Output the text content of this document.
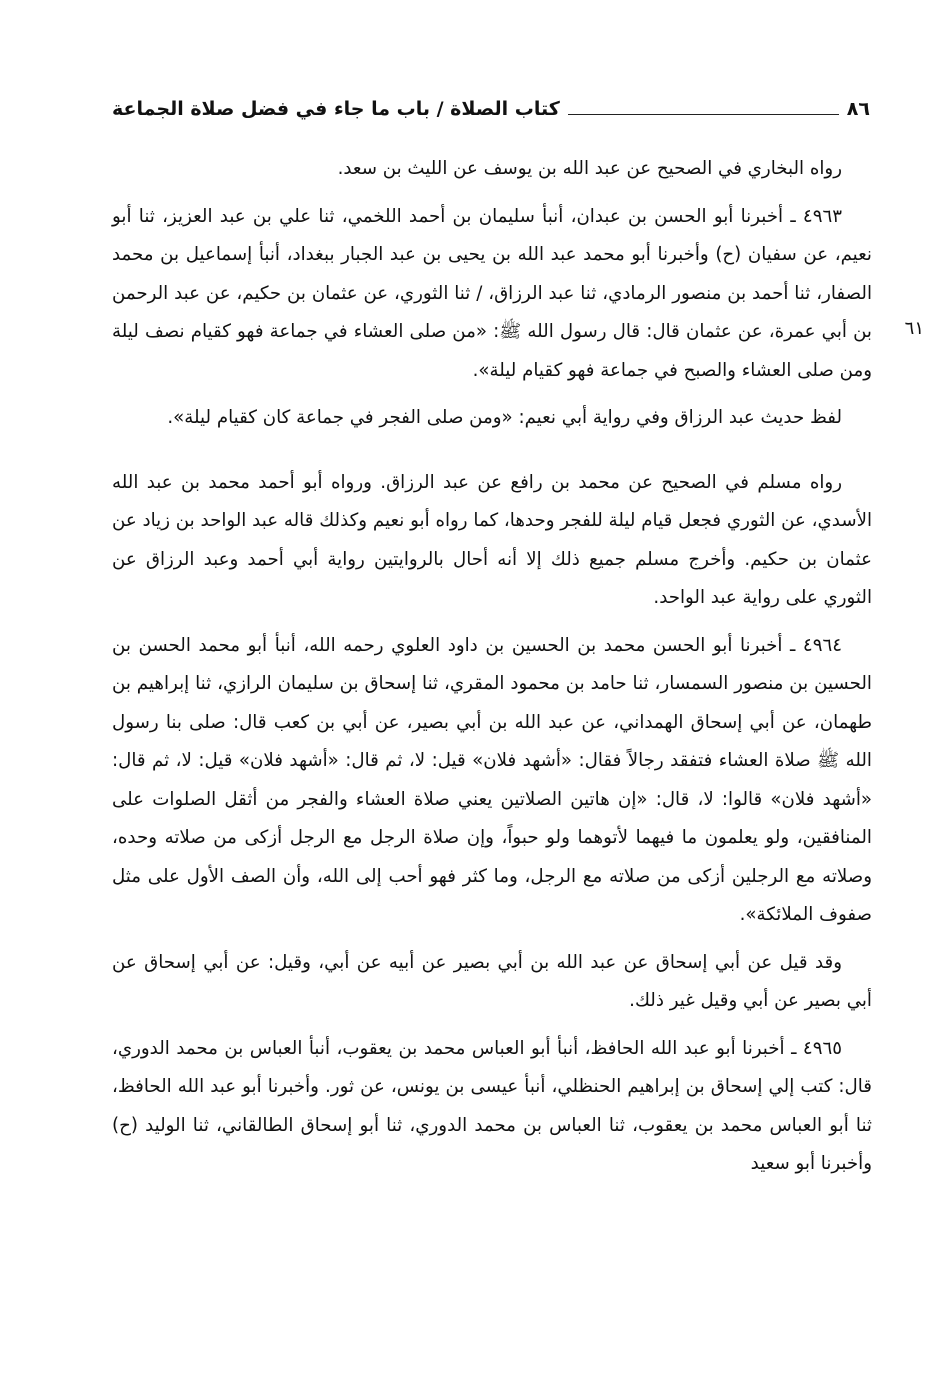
٨٦
كتاب الصلاة / باب ما جاء في فضل صلاة الجماعة
٦١

رواه البخاري في الصحيح عن عبد الله بن يوسف عن الليث بن سعد.

٤٩٦٣ ـ أخبرنا أبو الحسن بن عبدان، أنبأ سليمان بن أحمد اللخمي، ثنا علي بن عبد العزيز، ثنا أبو نعيم، عن سفيان (ح) وأخبرنا أبو محمد عبد الله بن يحيى بن عبد الجبار ببغداد، أنبأ إسماعيل بن محمد الصفار، ثنا أحمد بن منصور الرمادي، ثنا عبد الرزاق، / ثنا الثوري، عن عثمان بن حكيم، عن عبد الرحمن بن أبي عمرة، عن عثمان قال: قال رسول الله ﷺ: «من صلى العشاء في جماعة فهو كقيام نصف ليلة ومن صلى العشاء والصبح في جماعة فهو كقيام ليلة».

لفظ حديث عبد الرزاق وفي رواية أبي نعيم: «ومن صلى الفجر في جماعة كان كقيام ليلة».

رواه مسلم في الصحيح عن محمد بن رافع عن عبد الرزاق. ورواه أبو أحمد محمد بن عبد الله الأسدي، عن الثوري فجعل قيام ليلة للفجر وحدها، كما رواه أبو نعيم وكذلك قاله عبد الواحد بن زياد عن عثمان بن حكيم. وأخرج مسلم جميع ذلك إلا أنه أحال بالروايتين رواية أبي أحمد وعبد الرزاق عن الثوري على رواية عبد الواحد.

٤٩٦٤ ـ أخبرنا أبو الحسن محمد بن الحسين بن داود العلوي رحمه الله، أنبأ أبو محمد الحسن بن الحسين بن منصور السمسار، ثنا حامد بن محمود المقري، ثنا إسحاق بن سليمان الرازي، ثنا إبراهيم بن طهمان، عن أبي إسحاق الهمداني، عن عبد الله بن أبي بصير، عن أبي بن كعب قال: صلى بنا رسول الله ﷺ صلاة العشاء فتفقد رجالاً فقال: «أشهد فلان» قيل: لا، ثم قال: «أشهد فلان» قيل: لا، ثم قال: «أشهد فلان» قالوا: لا، قال: «إن هاتين الصلاتين يعني صلاة العشاء والفجر من أثقل الصلوات على المنافقين، ولو يعلمون ما فيهما لأتوهما ولو حبواً، وإن صلاة الرجل مع الرجل أزكى من صلاته وحده، وصلاته مع الرجلين أزكى من صلاته مع الرجل، وما كثر فهو أحب إلى الله، وأن الصف الأول على مثل صفوف الملائكة».

وقد قيل عن أبي إسحاق عن عبد الله بن أبي بصير عن أبيه عن أبي، وقيل: عن أبي إسحاق عن أبي بصير عن أبي وقيل غير ذلك.

٤٩٦٥ ـ أخبرنا أبو عبد الله الحافظ، أنبأ أبو العباس محمد بن يعقوب، أنبأ العباس بن محمد الدوري، قال: كتب إلي إسحاق بن إبراهيم الحنظلي، أنبأ عيسى بن يونس، عن ثور. وأخبرنا أبو عبد الله الحافظ، ثنا أبو العباس محمد بن يعقوب، ثنا العباس بن محمد الدوري، ثنا أبو إسحاق الطالقاني، ثنا الوليد (ح) وأخبرنا أبو سعيد
